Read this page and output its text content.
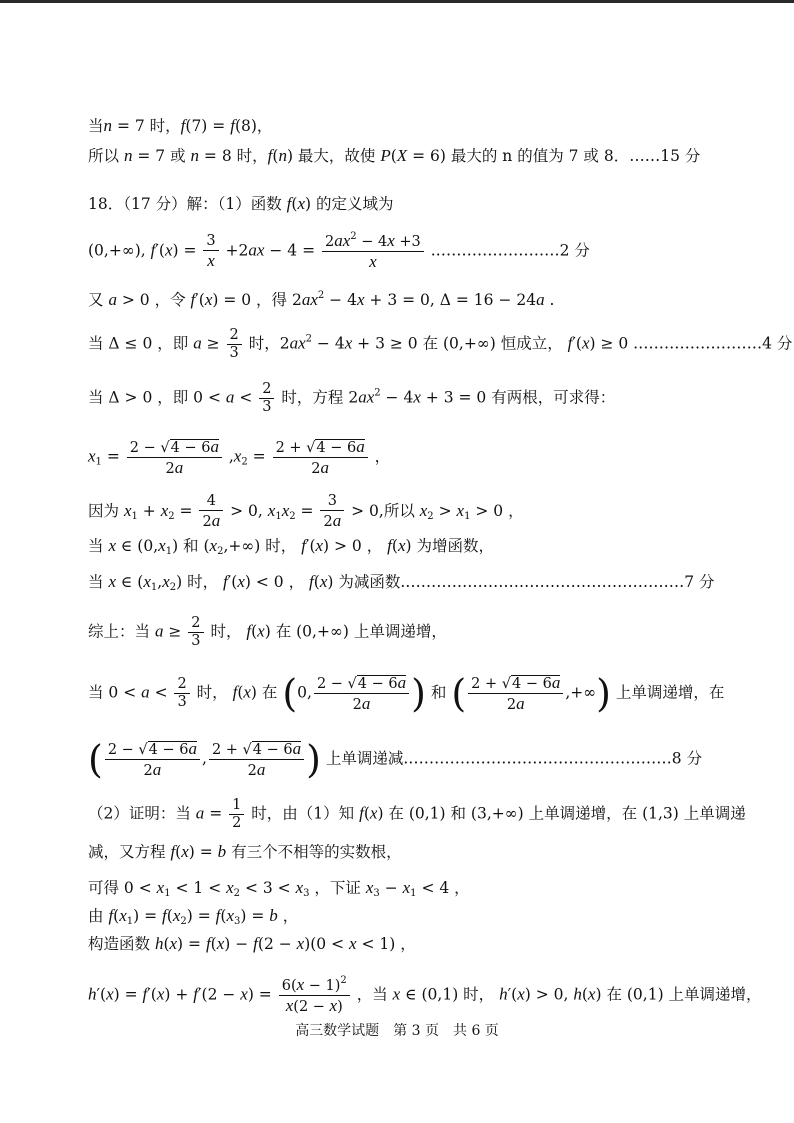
当n = 7 时，f(7) = f(8)，
所以 n = 7 或 n = 8 时，f(n) 最大，故使 P(X = 6) 最大的 n 的值为 7 或 8．……15 分
18．（17 分）解：（1）函数 f(x) 的定义域为
(0,+∞), $f'(x) = \frac{3}{x} +2ax - 4 = \frac{2ax^2 - 4x +3}{x}$ .……………………2 分
又 a > 0 ，令 f′(x) = 0 ，得 $2ax^2 - 4x + 3 = 0$, Δ = 16 − 24a .
当 Δ ≤ 0 ，即 $a \ge \frac{2}{3}$ 时，$2ax^2 - 4x + 3 \ge 0$ 在 (0,+∞) 恒成立， f′(x) ≥ 0 .……………………4 分
当 Δ > 0 ，即 $0 < a < \frac{2}{3}$ 时，方程 $2ax^2 - 4x + 3 = 0$ 有两根，可求得：
$x_1 = \frac{2 - √4 - 6a}{2a} ,x_2 = \frac{2 + √4 - 6a}{2a}$ ，
因为 $x_1 + x_2 = \frac{4}{2a} > 0$, $x_1x_2 = \frac{3}{2a} > 0$,所以 $x_2 > x_1 > 0$ ，
当 x ∈ $(0,x_1)$ 和 $(x_2,+\infty)$ 时， f′(x) > 0 ， f(x) 为增函数，
当 x ∈ $(x_1,x_2)$ 时， f′(x) < 0 ， f(x) 为减函数.………………………………………………7 分
综上：当 $a \ge \frac{2}{3}$ 时， f(x) 在 (0,+∞) 上单调递增，
当 $0 < a < \frac{2}{3}$ 时， f(x) 在 (0, $\frac{2 - √4 - 6a}{2a}$ ) 和 ( $\frac{2 + √4 - 6a}{2a}$ ,+∞) 上单调递增，在
( $\frac{2 - √4 - 6a}{2a}$ , $\frac{2 + √4 - 6a}{2a}$ ) 上单调递减.……………………………………………8 分
（2）证明：当 $a = \frac{1}{2}$ 时，由（1）知 f(x) 在 (0,1) 和 (3,+∞) 上单调递增，在 (1,3) 上单调递
减，又方程 f(x) = b 有三个不相等的实数根，
可得 $0 < x_1 < 1 < x_2 < 3 < x_3$ ，下证 $x_3 - x_1 < 4$ ，
由 $f(x_1) = f(x_2) = f(x_3) = b$ ，
构造函数 h(x) = f(x) − f(2 − x)(0 < x < 1) ，
$h'(x) = f'(x) + f'(2 - x) = \frac{6(x - 1)^2}{x(2 - x)}$ ，当 x ∈ (0,1) 时， h′(x) > 0, h(x) 在 (0,1) 上单调递增，
高三数学试题　第 3 页　共 6 页
